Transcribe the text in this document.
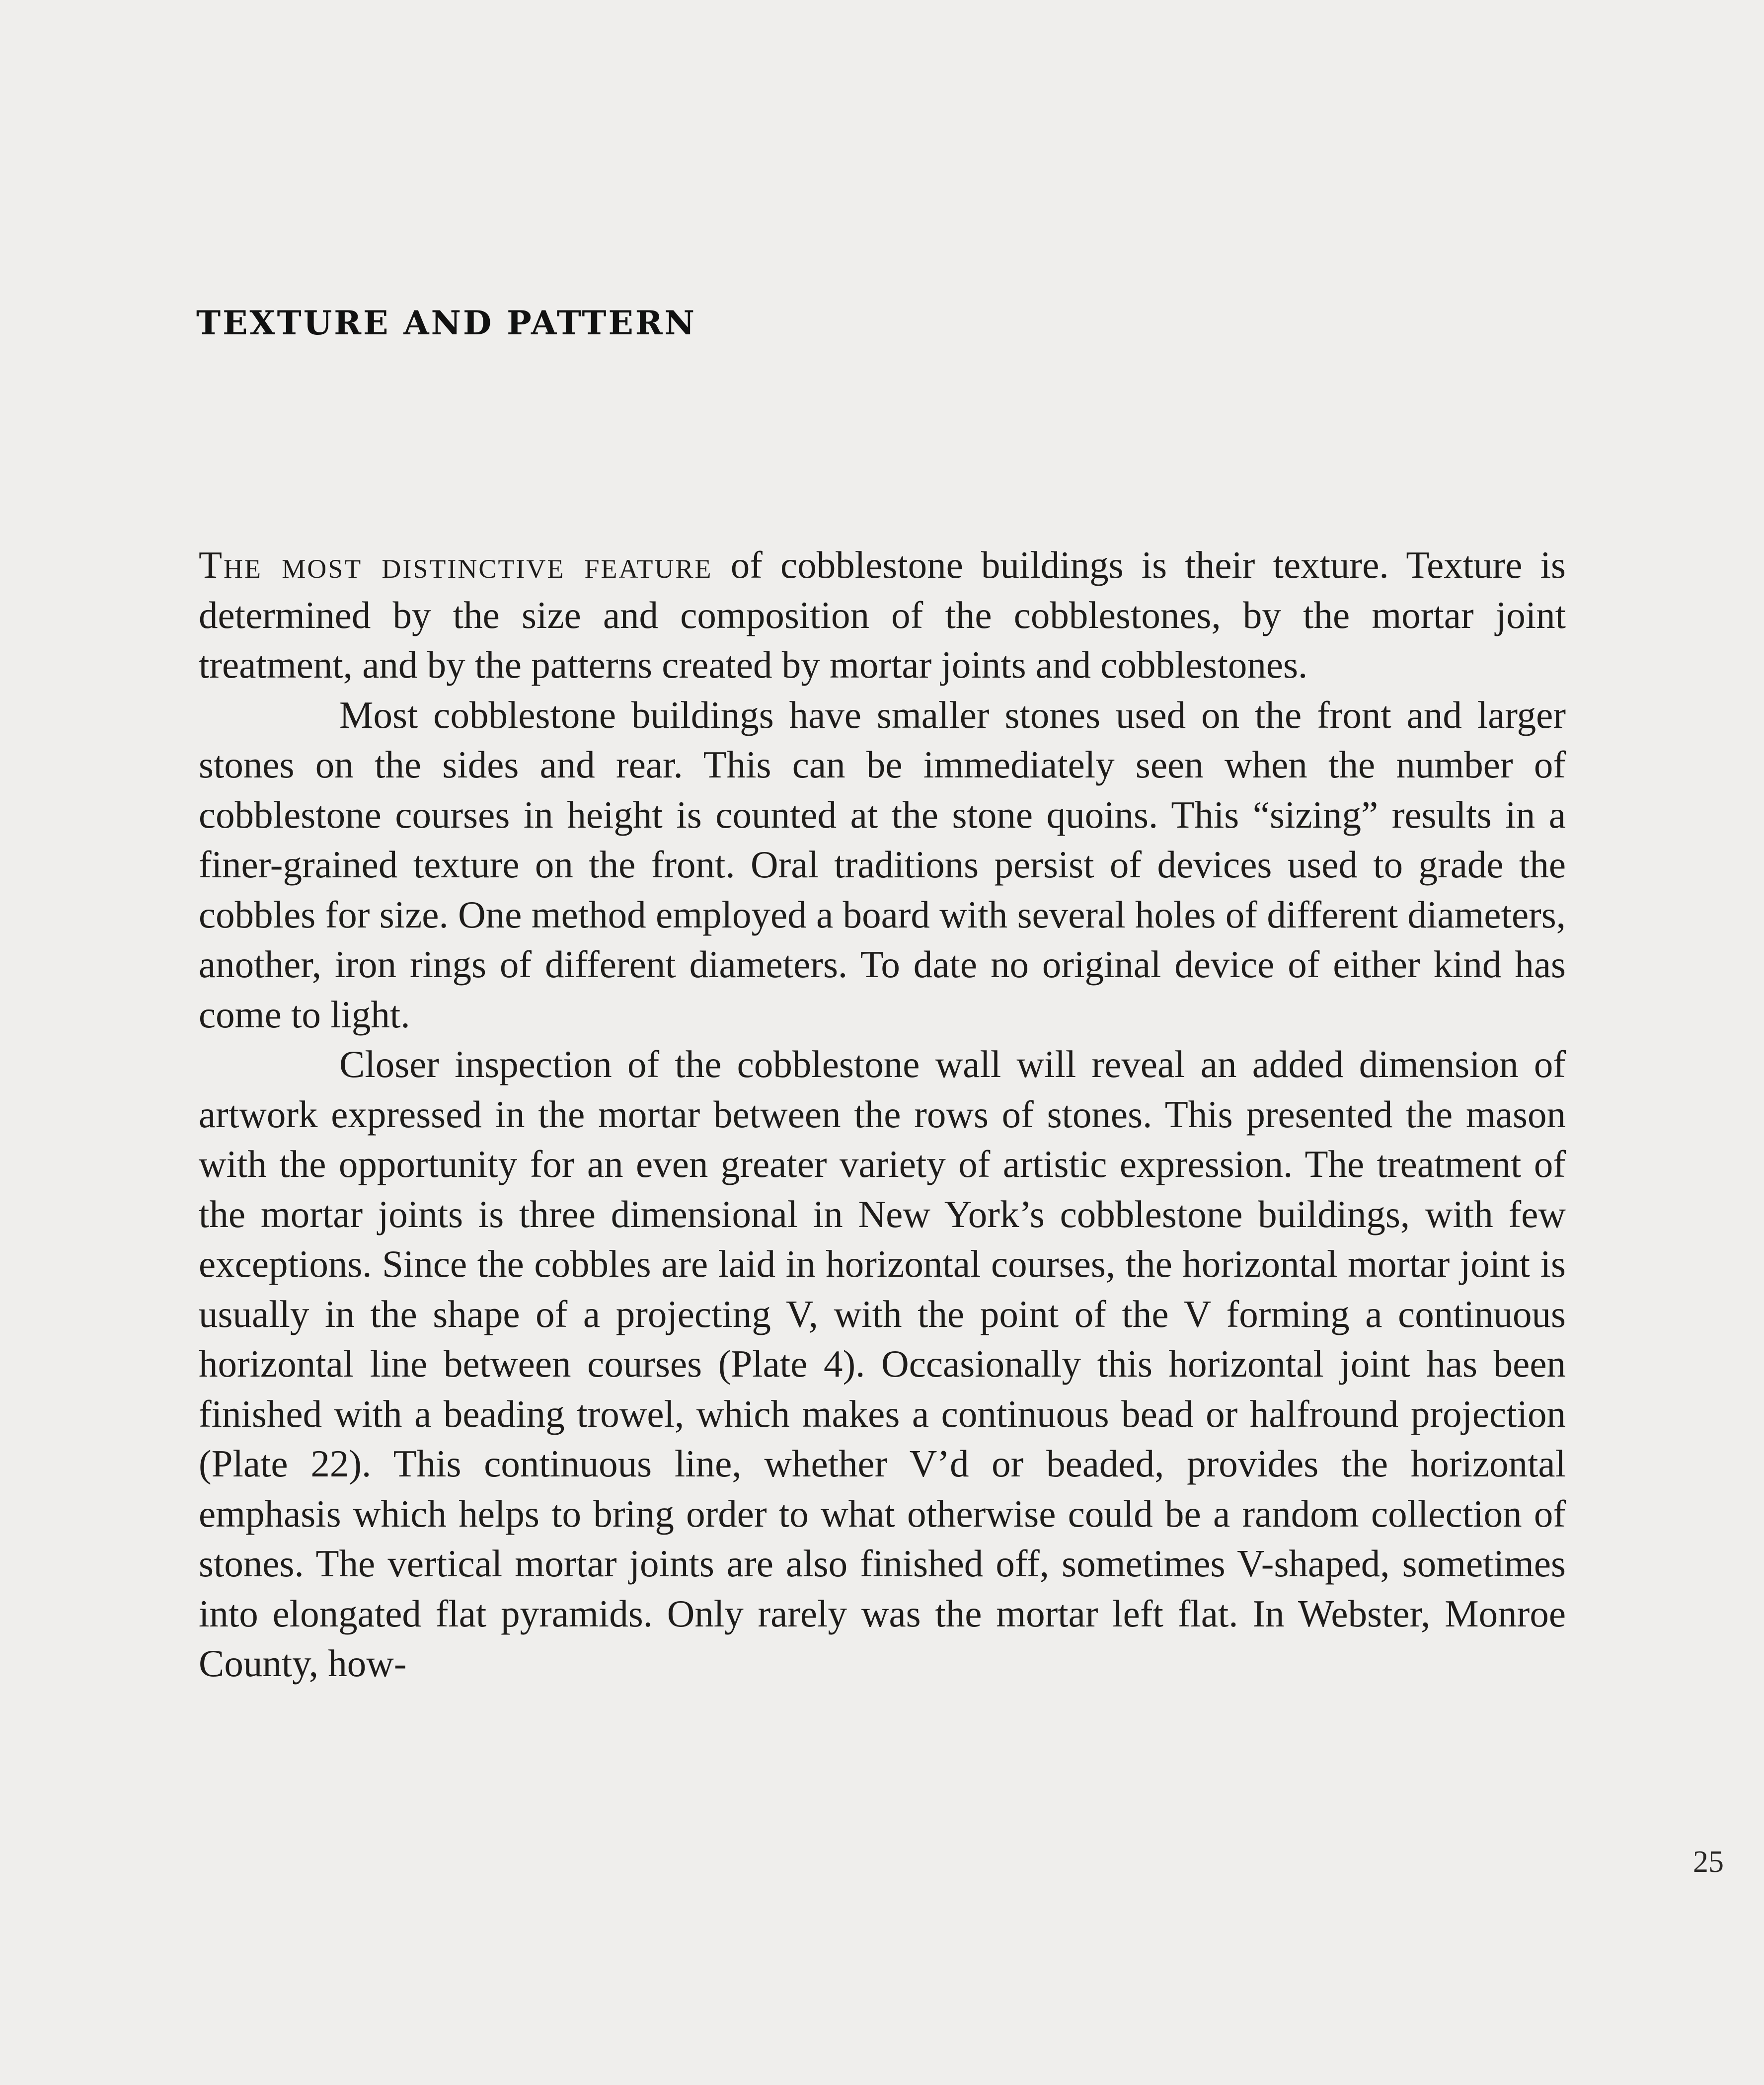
TEXTURE AND PATTERN

The most distinctive feature of cobblestone buildings is their texture. Texture is determined by the size and composition of the cobblestones, by the mortar joint treatment, and by the patterns created by mortar joints and cobblestones.

Most cobblestone buildings have smaller stones used on the front and larger stones on the sides and rear. This can be immediately seen when the number of cobblestone courses in height is counted at the stone quoins. This “sizing” results in a finer-grained texture on the front. Oral traditions persist of devices used to grade the cobbles for size. One method employed a board with several holes of different diameters, another, iron rings of different diameters. To date no original device of either kind has come to light.

Closer inspection of the cobblestone wall will reveal an added dimension of artwork expressed in the mortar between the rows of stones. This presented the mason with the opportunity for an even greater variety of artistic expression. The treatment of the mortar joints is three dimensional in New York’s cobblestone buildings, with few exceptions. Since the cobbles are laid in horizontal courses, the horizontal mortar joint is usually in the shape of a projecting V, with the point of the V forming a continuous horizontal line between courses (Plate 4). Occasionally this horizontal joint has been finished with a beading trowel, which makes a continuous bead or halfround projection (Plate 22). This continuous line, whether V’d or beaded, provides the horizontal emphasis which helps to bring order to what otherwise could be a random collection of stones. The vertical mortar joints are also finished off, sometimes V-shaped, sometimes into elongated flat pyramids. Only rarely was the mortar left flat. In Webster, Monroe County, how-

25
